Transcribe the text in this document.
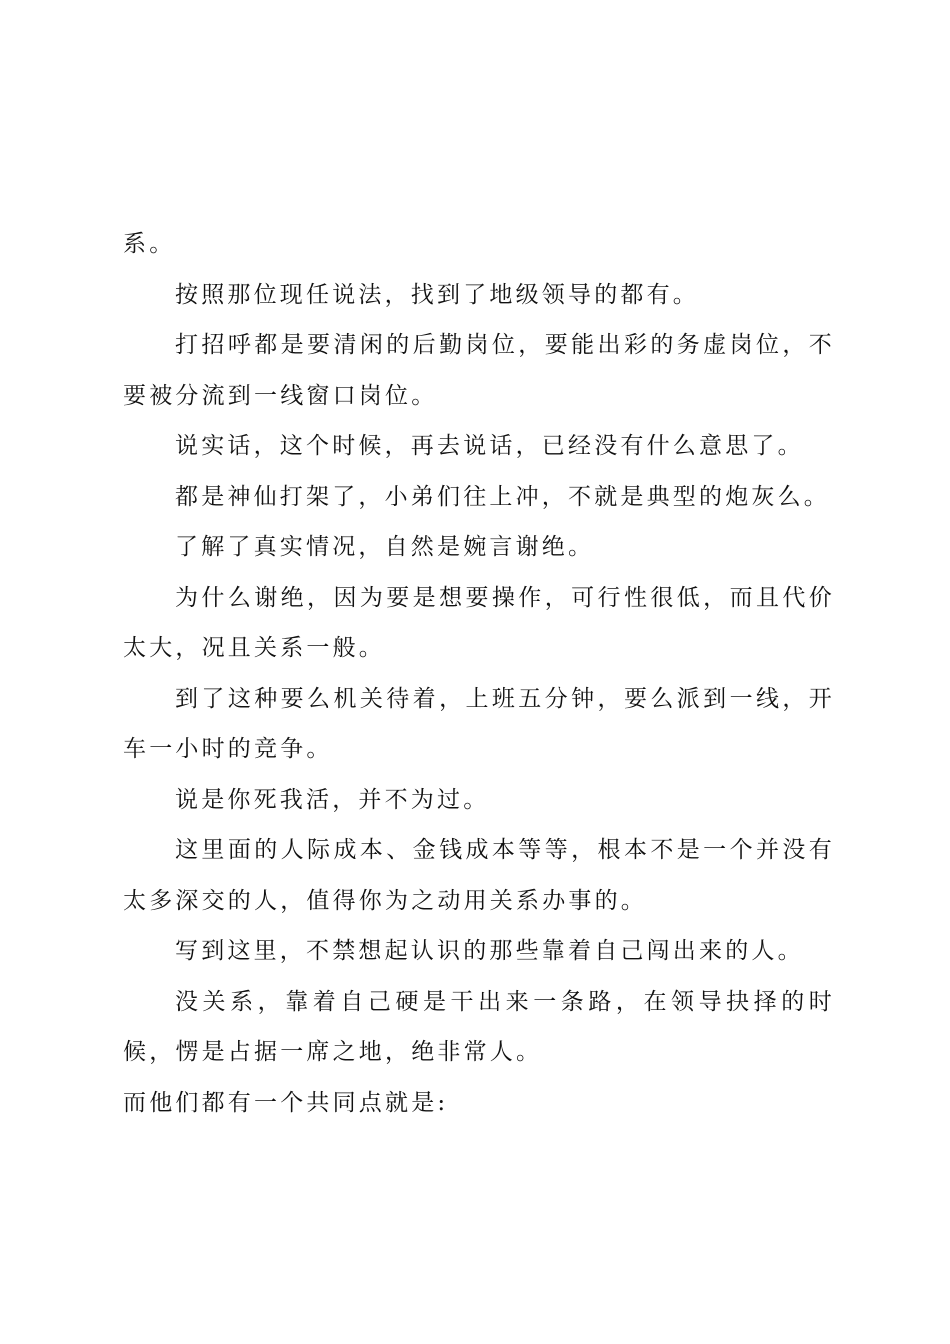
系。

按照那位现任说法，找到了地级领导的都有。

打招呼都是要清闲的后勤岗位，要能出彩的务虚岗位，不要被分流到一线窗口岗位。

说实话，这个时候，再去说话，已经没有什么意思了。

都是神仙打架了，小弟们往上冲，不就是典型的炮灰么。

了解了真实情况，自然是婉言谢绝。

为什么谢绝，因为要是想要操作，可行性很低，而且代价太大，况且关系一般。

到了这种要么机关待着，上班五分钟，要么派到一线，开车一小时的竞争。

说是你死我活，并不为过。

这里面的人际成本、金钱成本等等，根本不是一个并没有太多深交的人，值得你为之动用关系办事的。

写到这里，不禁想起认识的那些靠着自己闯出来的人。

没关系，靠着自己硬是干出来一条路，在领导抉择的时候，愣是占据一席之地，绝非常人。

而他们都有一个共同点就是:
